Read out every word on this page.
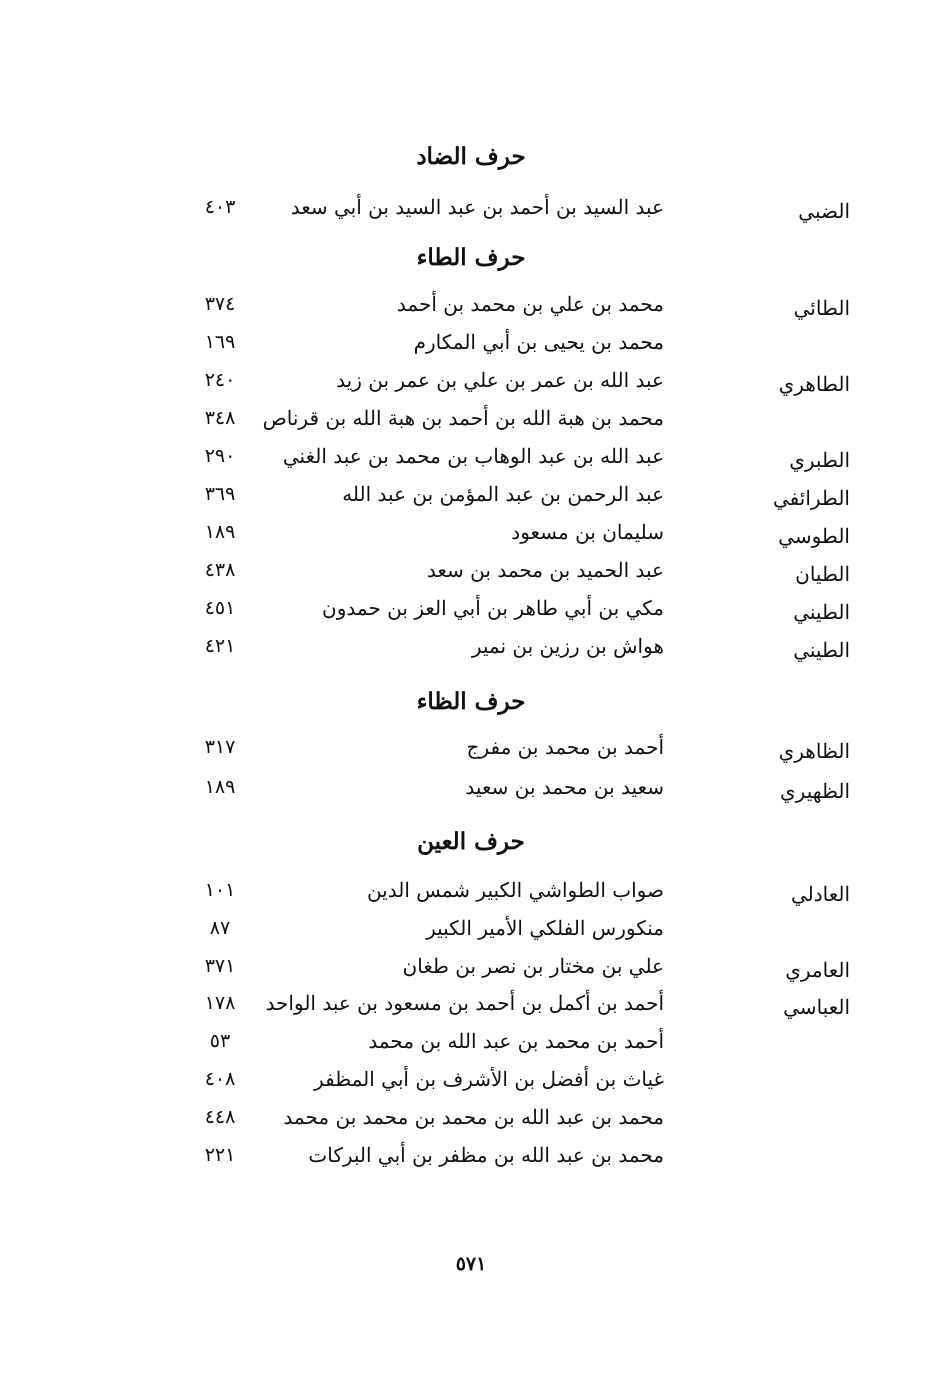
حرف الضاد
الضبي
عبد السيد بن أحمد بن عبد السيد بن أبي سعد
٤٠٣
حرف الطاء
الطائي
محمد بن علي بن محمد بن أحمد
٣٧٤
محمد بن يحيى بن أبي المكارم
١٦٩
الطاهري
عبد الله بن عمر بن علي بن عمر بن زيد
٢٤٠
محمد بن هبة الله بن أحمد بن هبة الله بن قرناص
٣٤٨
الطبري
عبد الله بن عبد الوهاب بن محمد بن عبد الغني
٢٩٠
الطرائفي
عبد الرحمن بن عبد المؤمن بن عبد الله
٣٦٩
الطوسي
سليمان بن مسعود
١٨٩
الطيان
عبد الحميد بن محمد بن سعد
٤٣٨
الطيني
مكي بن أبي طاهر بن أبي العز بن حمدون
٤٥١
الطيني
هواش بن رزين بن نمير
٤٢١
حرف الظاء
الظاهري
أحمد بن محمد بن مفرج
٣١٧
الظهيري
سعيد بن محمد بن سعيد
١٨٩
حرف العين
العادلي
صواب الطواشي الكبير شمس الدين
١٠١
منكورس الفلكي الأمير الكبير
٨٧
العامري
علي بن مختار بن نصر بن طغان
٣٧١
العباسي
أحمد بن أكمل بن أحمد بن مسعود بن عبد الواحد
١٧٨
أحمد بن محمد بن عبد الله بن محمد
٥٣
غياث بن أفضل بن الأشرف بن أبي المظفر
٤٠٨
محمد بن عبد الله بن محمد بن محمد بن محمد
٤٤٨
محمد بن عبد الله بن مظفر بن أبي البركات
٢٢١
٥٧١
